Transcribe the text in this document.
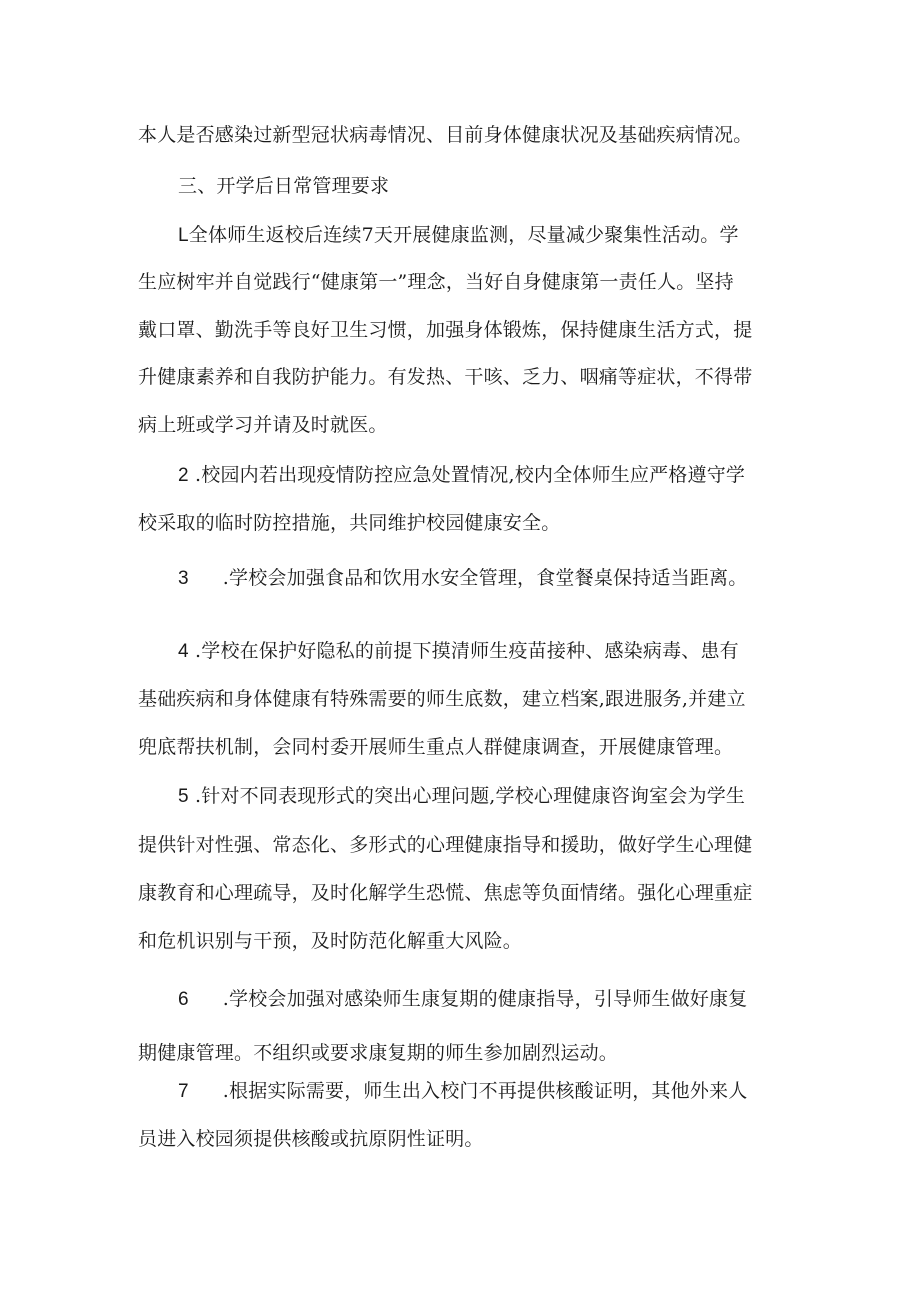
本人是否感染过新型冠状病毒情况、目前身体健康状况及基础疾病情况。
三、开学后日常管理要求
L全体师生返校后连续7天开展健康监测，尽量减少聚集性活动。学
生应树牢并自觉践行“健康第一”理念，当好自身健康第一责任人。坚持
戴口罩、勤洗手等良好卫生习惯，加强身体锻炼，保持健康生活方式，提
升健康素养和自我防护能力。有发热、干咳、乏力、咽痛等症状，不得带
病上班或学习并请及时就医。
2 .校园内若出现疫情防控应急处置情况,校内全体师生应严格遵守学
校采取的临时防控措施，共同维护校园健康安全。
3 .学校会加强食品和饮用水安全管理，食堂餐桌保持适当距离。
4 .学校在保护好隐私的前提下摸清师生疫苗接种、感染病毒、患有
基础疾病和身体健康有特殊需要的师生底数，建立档案,跟进服务,并建立
兜底帮扶机制，会同村委开展师生重点人群健康调查，开展健康管理。
5 .针对不同表现形式的突出心理问题,学校心理健康咨询室会为学生
提供针对性强、常态化、多形式的心理健康指导和援助，做好学生心理健
康教育和心理疏导，及时化解学生恐慌、焦虑等负面情绪。强化心理重症
和危机识别与干预，及时防范化解重大风险。
6 .学校会加强对感染师生康复期的健康指导，引导师生做好康复
期健康管理。不组织或要求康复期的师生参加剧烈运动。
7 .根据实际需要，师生出入校门不再提供核酸证明，其他外来人
员进入校园须提供核酸或抗原阴性证明。
